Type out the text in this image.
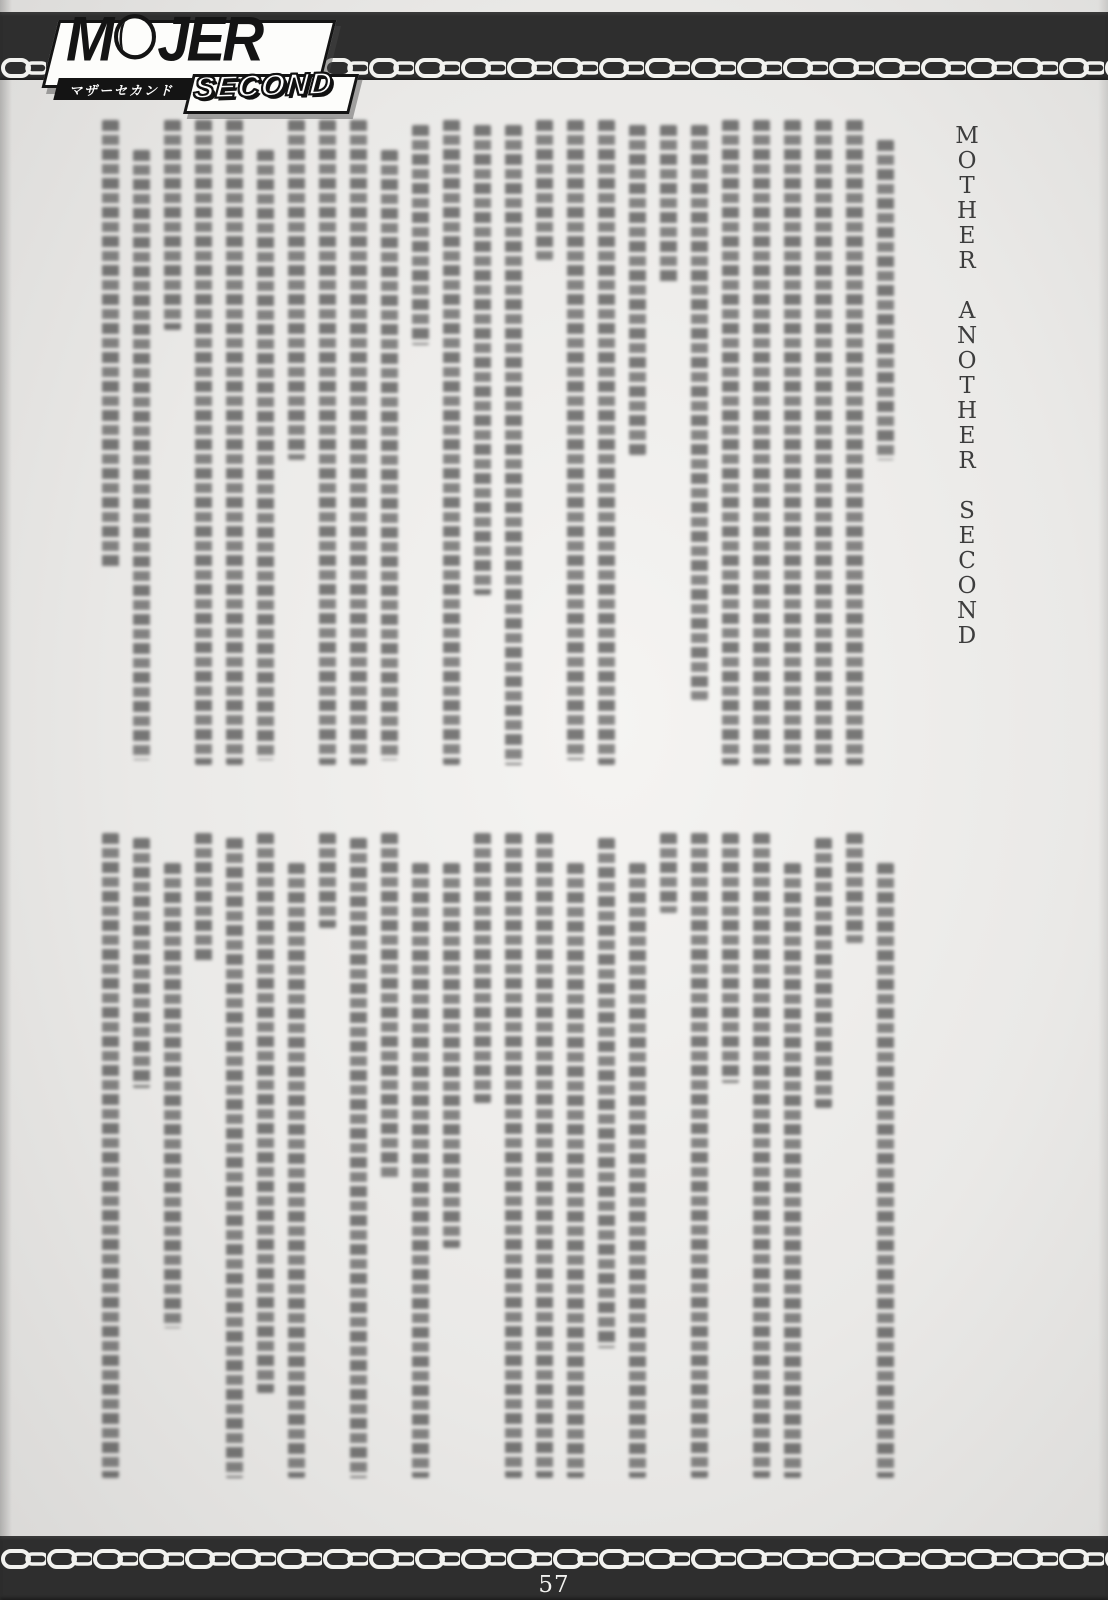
マザーセカンド
M JER
SECOND
M
O
T
H
E
R
A
N
O
T
H
E
R
S
E
C
O
N
D
57
